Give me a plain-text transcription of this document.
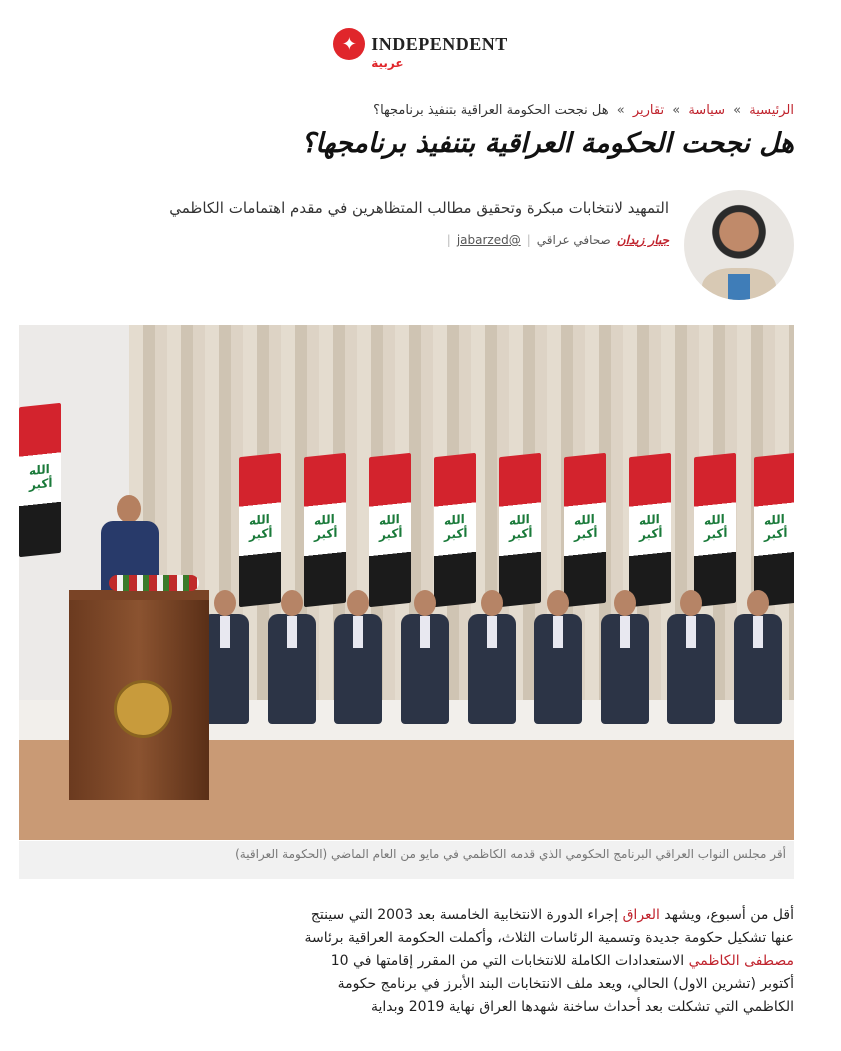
✦ INDEPENDENT
عربية
الرئيسية » سياسة » تقارير » هل نجحت الحكومة العراقية بتنفيذ برنامجها؟
هل نجحت الحكومة العراقية بتنفيذ برنامجها؟
التمهيد لانتخابات مبكرة وتحقيق مطالب المتظاهرين في مقدم اهتمامات الكاظمي
جبار زيدان
صحافي عراقي
|
@jabarzed
|
الله أكبر
الله أكبر
الله أكبر
الله أكبر
الله أكبر
الله أكبر
الله أكبر
الله أكبر
الله أكبر
الله أكبر
أقر مجلس النواب العراقي البرنامج الحكومي الذي قدمه الكاظمي في مايو من العام الماضي (الحكومة العراقية)

أقل من أسبوع، ويشهد العراق إجراء الدورة الانتخابية الخامسة بعد 2003 التي سينتج عنها تشكيل حكومة جديدة وتسمية الرئاسات الثلاث، وأكملت الحكومة العراقية برئاسة مصطفى الكاظمي الاستعدادات الكاملة للانتخابات التي من المقرر إقامتها في 10 أكتوبر (تشرين الاول) الحالي، ويعد ملف الانتخابات البند الأبرز في برنامج حكومة الكاظمي التي تشكلت بعد أحداث ساخنة شهدها العراق نهاية 2019 وبداية
